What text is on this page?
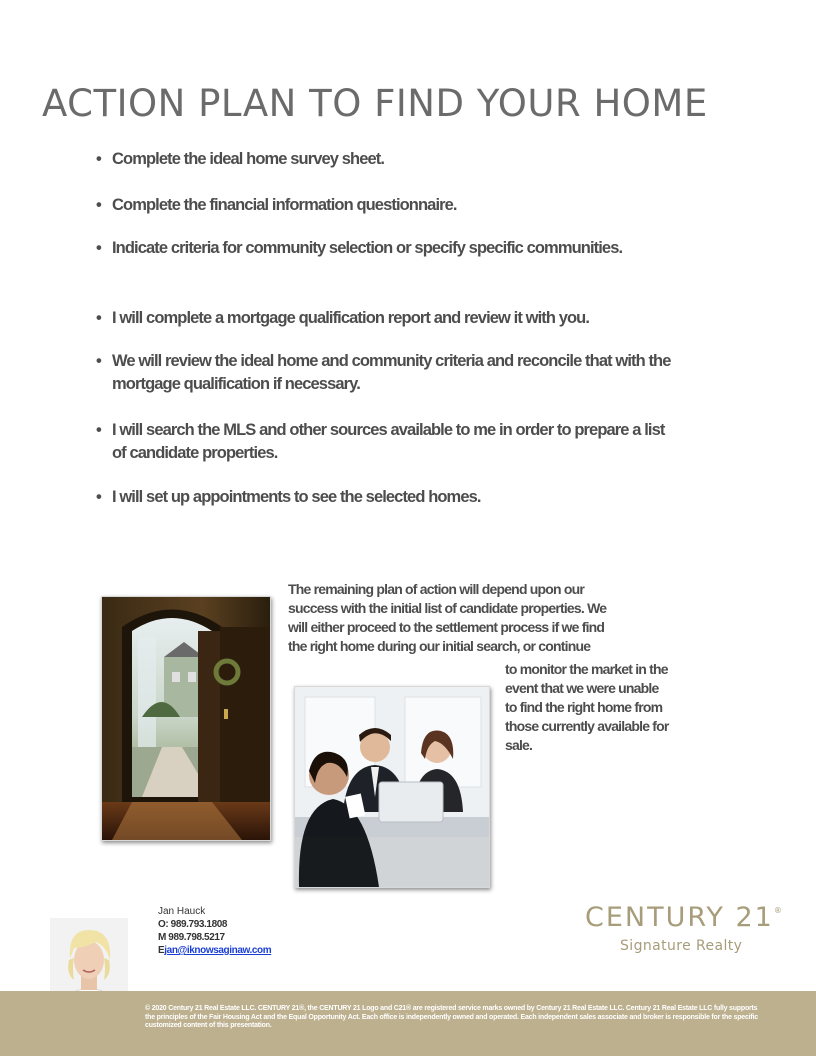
ACTION PLAN TO FIND YOUR HOME
• Complete the ideal home survey sheet.
• Complete the financial information questionnaire.
• Indicate criteria for community selection or specify specific communities.
• I will complete a mortgage qualification report and review it with you.
• We will review the ideal home and community criteria and reconcile that with the mortgage qualification if necessary.
• I will search the MLS and other sources available to me in order to prepare a list of candidate properties.
• I will set up appointments to see the selected homes.
The remaining plan of action will depend upon our
success with the initial list of candidate properties. We
will either proceed to the settlement process if we find
the right home during our initial search, or continue
to monitor the market in the
event that we were unable
to find the right home from
those currently available for
sale.
Jan Hauck
O: 989.793.1808
M 989.798.5217
Ejan@iknowsaginaw.com
CENTURY 21®
Signature Realty

© 2020 Century 21 Real Estate LLC. CENTURY 21®, the CENTURY 21 Logo and C21® are registered service marks owned by Century 21 Real Estate LLC. Century 21 Real Estate LLC fully supports the principles of the Fair Housing Act and the Equal Opportunity Act. Each office is independently owned and operated. Each independent sales associate and broker is responsible for the specific customized content of this presentation.
